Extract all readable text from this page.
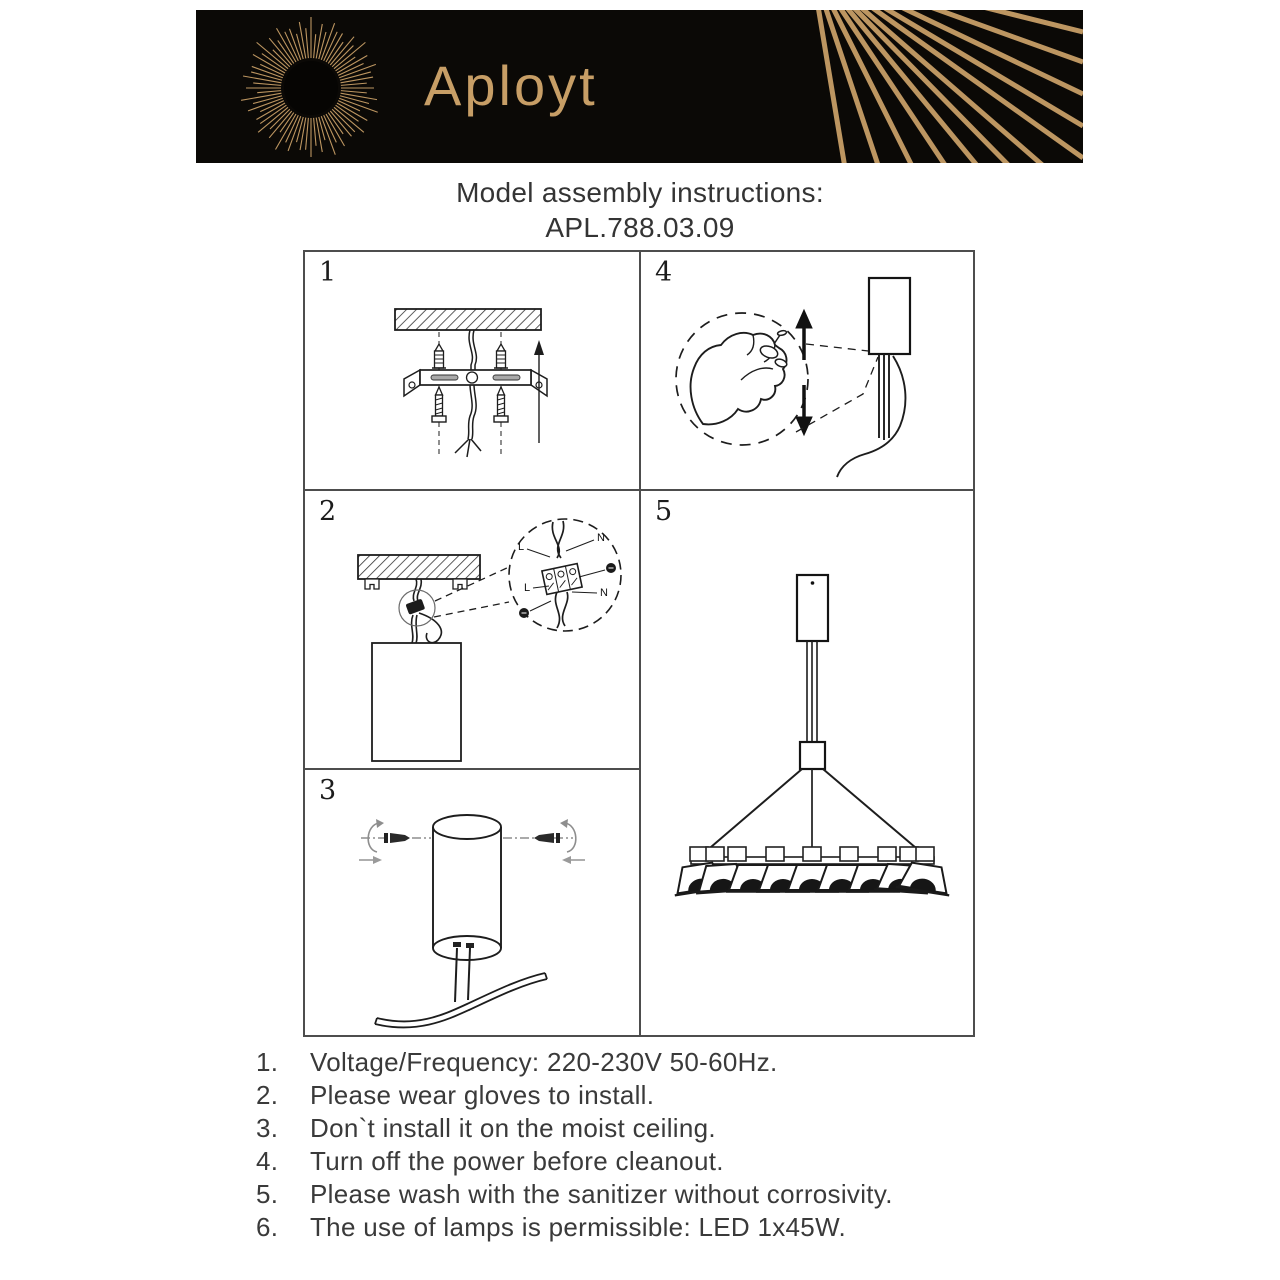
Aployt
Model assembly instructions:
APL.788.03.09
1
2
N
L
L	N
3
4
5
1.	Voltage/Frequency: 220-230V 50-60Hz.
2.	Please wear gloves to install.
3.	Don`t install it on the moist ceiling.
4.	Turn off the power before cleanout.
5.	Please wash with the sanitizer without corrosivity.
6.	The use of lamps is permissible: LED 1x45W.
